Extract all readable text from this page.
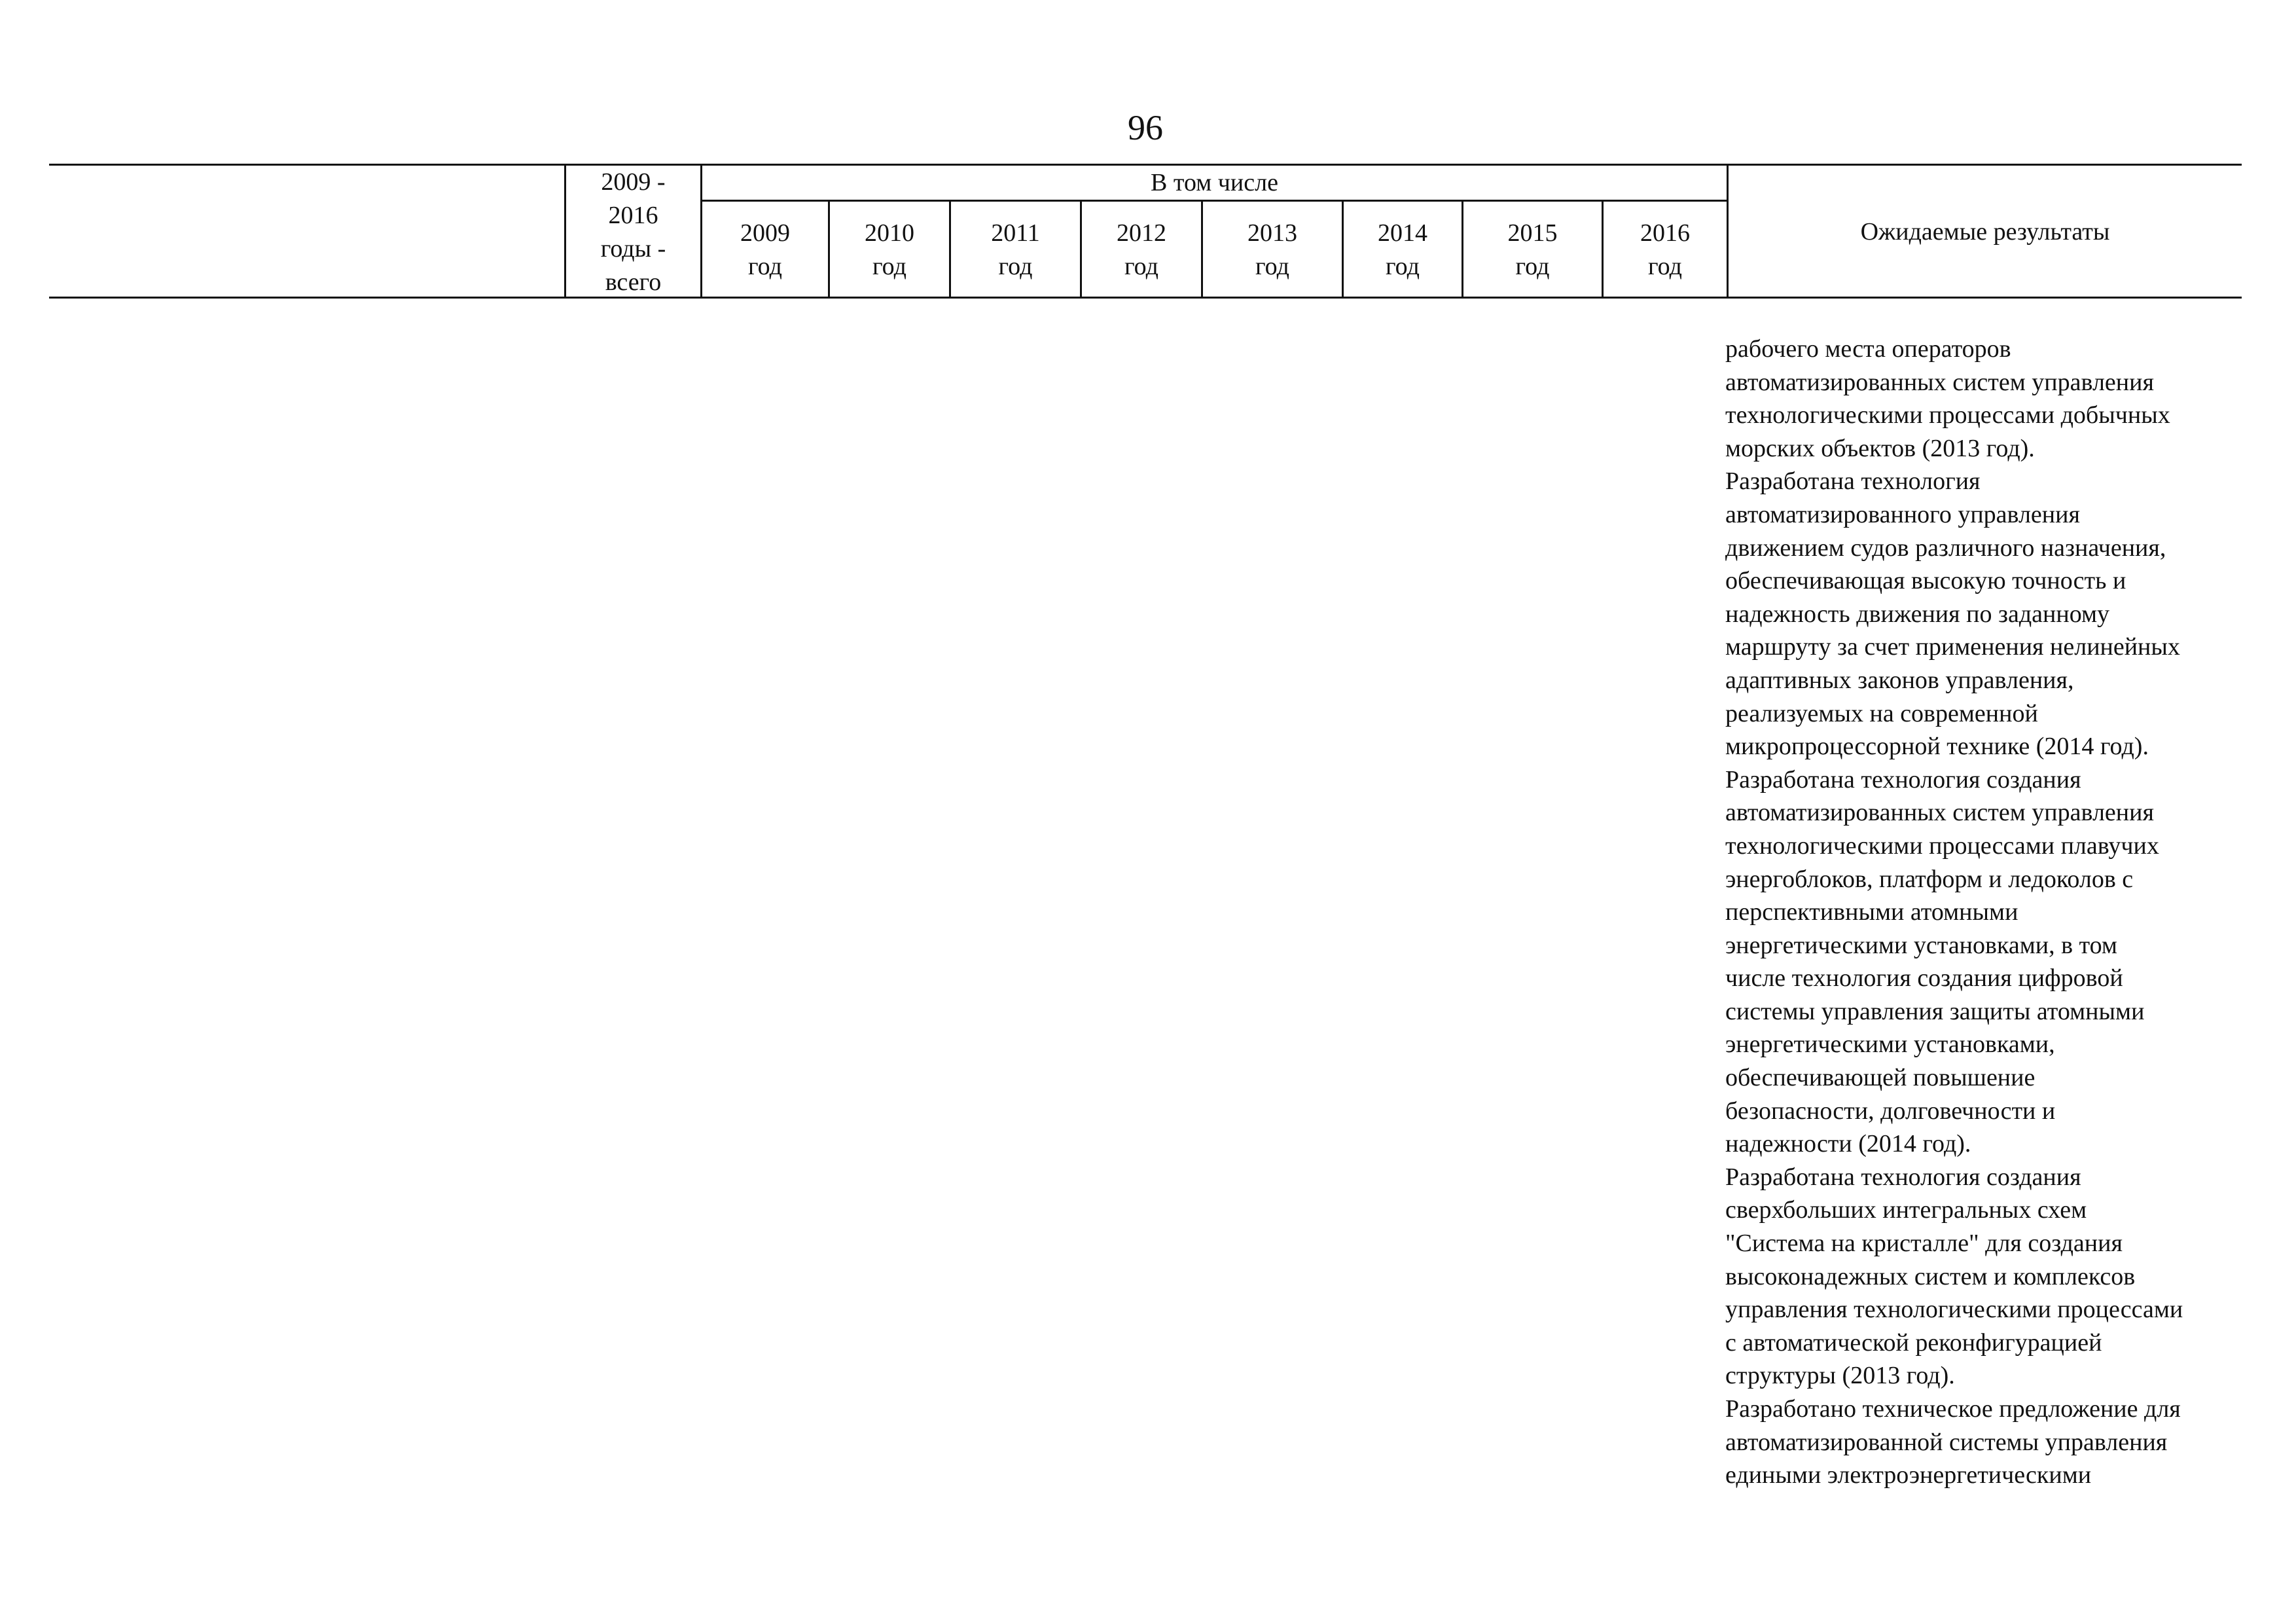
96
2009 -
2016
годы -
всего
В том числе
2009
год
2010
год
2011
год
2012
год
2013
год
2014
год
2015
год
2016
год
Ожидаемые результаты
рабочего места операторов
автоматизированных систем управления
технологическими процессами добычных
морских объектов (2013 год).
Разработана технология
автоматизированного управления
движением судов различного назначения,
обеспечивающая высокую точность и
надежность движения по заданному
маршруту за счет применения нелинейных
адаптивных законов управления,
реализуемых на современной
микропроцессорной технике (2014 год).
Разработана технология создания
автоматизированных систем управления
технологическими процессами плавучих
энергоблоков, платформ и ледоколов с
перспективными атомными
энергетическими установками, в том
числе технология создания цифровой
системы управления защиты атомными
энергетическими установками,
обеспечивающей повышение
безопасности, долговечности и
надежности (2014 год).
Разработана технология создания
сверхбольших интегральных схем
"Система на кристалле" для создания
высоконадежных систем и комплексов
управления технологическими процессами
с автоматической реконфигурацией
структуры (2013 год).
Разработано техническое предложение для
автоматизированной системы управления
едиными электроэнергетическими
